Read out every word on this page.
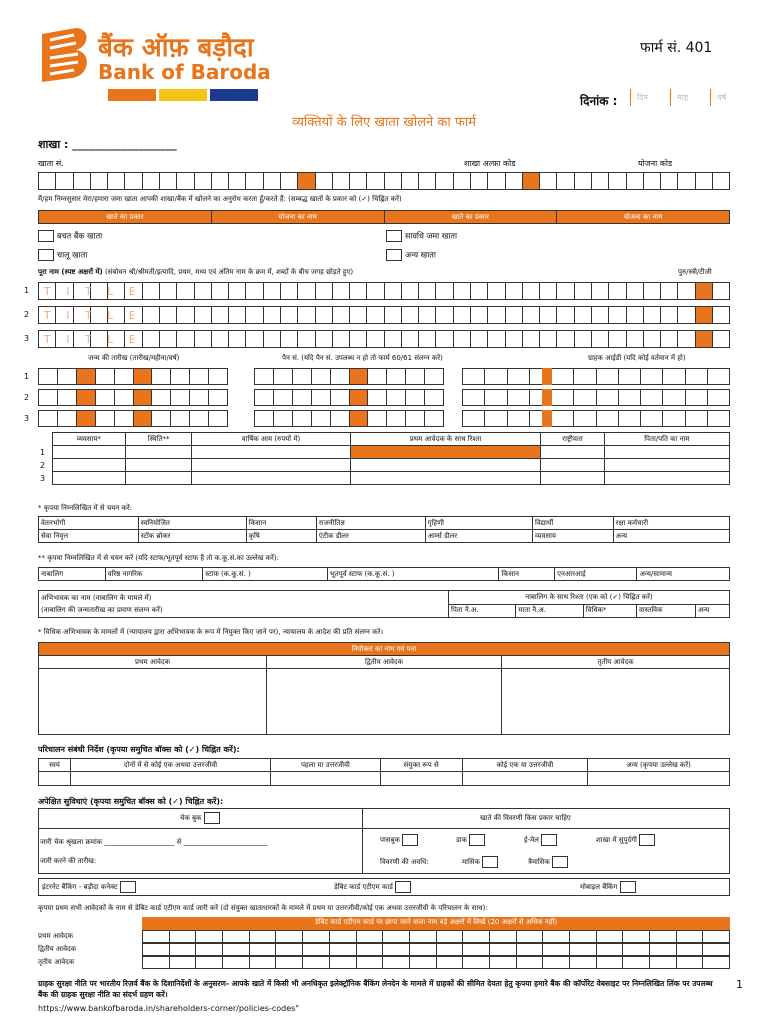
बैंक ऑफ़ बड़ौदा
Bank of Baroda
फार्म सं. 401
दिनांक :	दिन	माह	वर्ष
व्यक्तियों के लिए खाता खोलने का फार्म
शाखा : ___________________
खाता सं.	शाखा अल्फ़ा कोड	योजना कोड
मैं/हम निम्नसुसार मेरा/हमारा जमा खाता आपकी शाखा/बैंक में खोलने का अनुरोध करता हूँ/करते हैं: (सम्बद्ध खातों के प्रकार को (✓) चिह्नित करें)
खाते का प्रकार	योजना का नाम	खाते का प्रकार	योजना का नाम
बचत बैंक खाता	सावधि जमा खाता
चालू खाता	अन्य खाता
पूरा नाम (स्पष्ट अक्षरों में) (संबोधन श्री/श्रीमती/इत्यादि, प्रथम, मध्य एवं अंतिम नाम के क्रम में, शब्दों के बीच जगह छोड़ते हुए)	पुरु/स्त्री/टीजी
जन्म की तारीख (तारीख/महीना/वर्ष)	पैन सं. (यदि पैन सं. उपलब्ध न हो तो फार्म 60/61 संलग्न करें)	ग्राहक आईडी (यदि कोई वर्तमान में हो)
	व्यवसाय*	स्थिति**	वार्षिक आय (रुपयों में)	प्रथम आवेदक के साथ रिश्ता	राष्ट्रीयता	पिता/पति का नाम
1						
2						
3						
* कृपया निम्नलिखित में से चयन करें:
वेतनभोगी	स्वनियोजित	किसान	राजनीतिज्ञ	गृहिणी	विद्यार्थी	रक्षा कर्मचारी
सेवा निवृत्त	स्टॉक ब्रोकर	कृषि	एंटीक डीलर	आर्म्स डीलर	व्यवसाय	अन्य
** कृपया निम्नलिखित में से चयन करें (यदि स्टाफ/भूतपूर्व स्टाफ है तो क.कू.सं.का उल्लेख करें):
नाबालिग	वरिष्ठ नागरिक	स्टाफ (क.कू.सं. )	भूतपूर्व स्टाफ (क.कू.सं. )	किसान	एनआरआई	अन्य/सामान्य
अभिभावक का नाम (नाबालिग के मामले में)
(नाबालिग की जन्मतारीख का प्रमाण संलग्न करें)	नाबालिग के साथ रिश्ता (एक को (✓) चिह्नित करें)				
	पिता नै.अ.	माता नै.अ.	विधिक*	वास्तविक	अन्य
* विधिक अभिभावक के मामलों में (न्यायालय द्वारा अभिभावक के रूप में नियुक्त किए जाने पर), न्यायालय के आदेश की प्रति संलग्न करें।
नियोक्ता का नाम एवं पता		
प्रथम आवेदक	द्वितीय आवेदक	तृतीय आवेदक

परिचालन संबंधी निर्देश (कृपया समुचित बॉक्स को (✓) चिह्नित करें):
स्वयं	दोनों में से कोई एक अथवा उत्तरजीवी	पहला या उत्तरजीवी	संयुक्त रूप से	कोई एक या उत्तरजीवी	अन्य (कृपया उल्लेख करें)

अपेक्षित सुविधाएं (कृपया समुचित बॉक्स को (✓) चिह्नित करें):
चेक बुक	खाते की विवरणी किस प्रकार चाहिए
जारी चेक श्रृंखला क्रमांक ____________________ से ________________________
जारी करने की तारीख:
पासबुक	डाक	ई-मेल	शाखा में सुपुर्दगी
विवरणी की अवधि:	मासिक	त्रैमासिक
इंटरनेट बैंकिंग - बड़ौदा कनेक्ट	डेबिट कार्ड एटीएम कार्ड	मोबाइल बैंकिंग
कृपया प्रथम सभी आवेदकों के नाम से डेबिट कार्ड एटीएम कार्ड जारी करें (दो संयुक्त खाताधारकों के मामले में प्रथम या उत्तरजीवी/कोई एक अथवा उत्तरजीवी के परिचालन के साथ):
डेबिट कार्ड एटीएम कार्ड पर छापा जाने वाला नाम बड़े अक्षरों में लिखें (20 अक्षरों से अधिक नहीं)
ग्राहक सुरक्षा नीति पर भारतीय रिज़र्व बैंक के दिशानिर्देशों के अनुसरण- आपके खाते में किसी भी अनधिकृत इलेक्ट्रॉनिक बैंकिंग लेनदेन के मामले में ग्राहकों की सीमित देयता हेतु कृपया हमारे बैंक की कॉर्पोरेट वेबसाइट पर निम्नलिखित लिंक पर उपलब्ध बैंक की ग्राहक सुरक्षा नीति का संदर्भ ग्रहण करें।
https://www.bankofbaroda.in/shareholders-corner/policies-codes"
1
1 T I T L E
2 T I T L E
3 T I T L E
1
2
3
प्रथम आवेदक
द्वितीय आवेदक
तृतीय आवेदक
